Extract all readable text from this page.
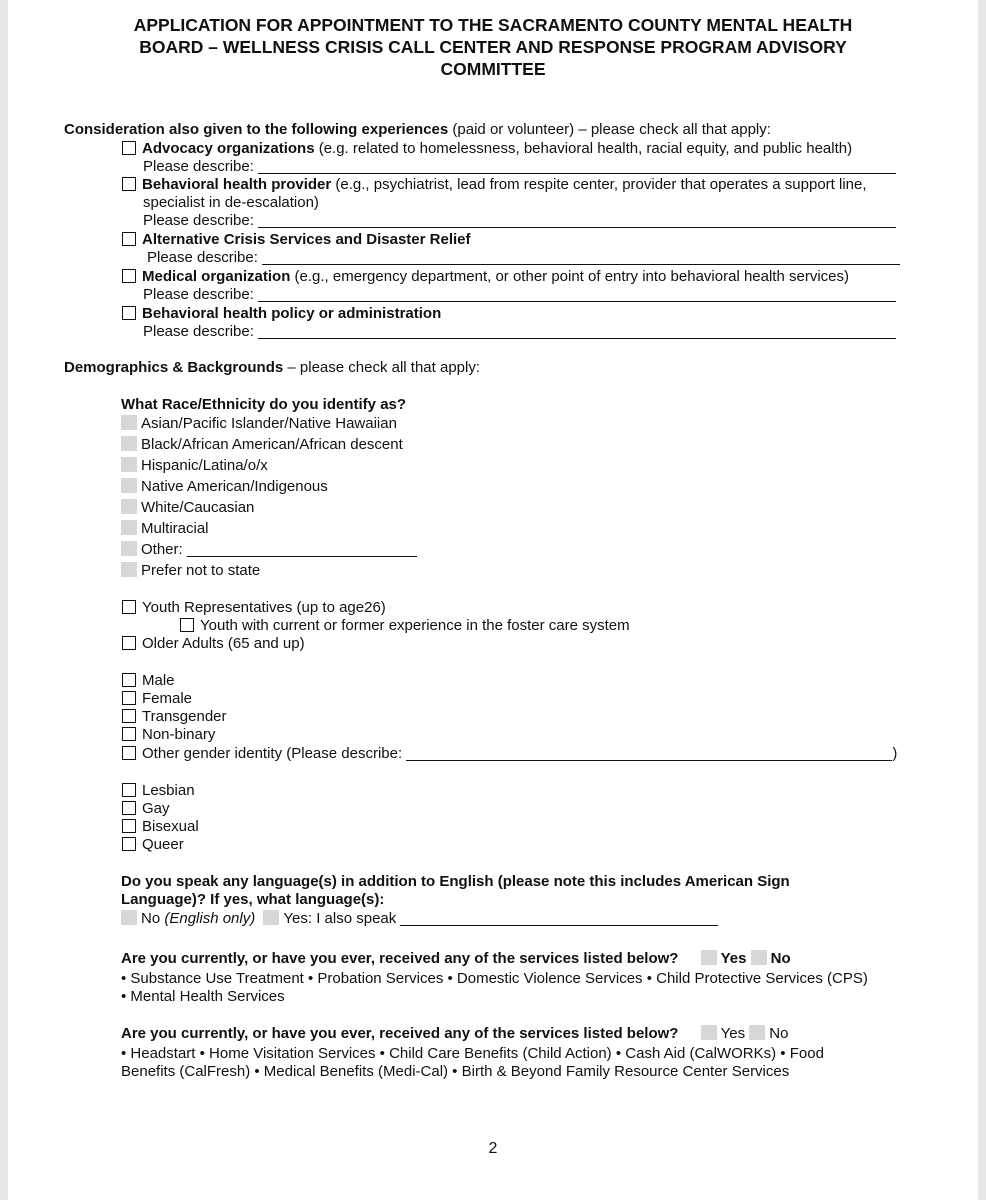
APPLICATION FOR APPOINTMENT TO THE SACRAMENTO COUNTY MENTAL HEALTH
BOARD – WELLNESS CRISIS CALL CENTER AND RESPONSE PROGRAM ADVISORY
COMMITTEE
Consideration also given to the following experiences (paid or volunteer) – please check all that apply:
Advocacy organizations (e.g. related to homelessness, behavioral health, racial equity, and public health)
Please describe:
Behavioral health provider (e.g., psychiatrist, lead from respite center, provider that operates a support line,
specialist in de-escalation)
Please describe:
Alternative Crisis Services and Disaster Relief
Please describe:
Medical organization (e.g., emergency department, or other point of entry into behavioral health services)
Please describe:
Behavioral health policy or administration
Please describe:
Demographics & Backgrounds – please check all that apply:
What Race/Ethnicity do you identify as?
Asian/Pacific Islander/Native Hawaiian
Black/African American/African descent
Hispanic/Latina/o/x
Native American/Indigenous
White/Caucasian
Multiracial
Other:
Prefer not to state
Youth Representatives (up to age26)
Youth with current or former experience in the foster care system
Older Adults (65 and up)
Male
Female
Transgender
Non-binary
Other gender identity (Please describe:	)
Lesbian
Gay
Bisexual
Queer
Do you speak any language(s) in addition to English (please note this includes American Sign
Language)? If yes, what language(s):
No (English only) Yes: I also speak
Are you currently, or have you ever, received any of the services listed below?	Yes No
• Substance Use Treatment • Probation Services • Domestic Violence Services • Child Protective Services (CPS)
• Mental Health Services
Are you currently, or have you ever, received any of the services listed below?	Yes No
• Headstart • Home Visitation Services • Child Care Benefits (Child Action) • Cash Aid (CalWORKs) • Food
Benefits (CalFresh) • Medical Benefits (Medi-Cal) • Birth & Beyond Family Resource Center Services
2
